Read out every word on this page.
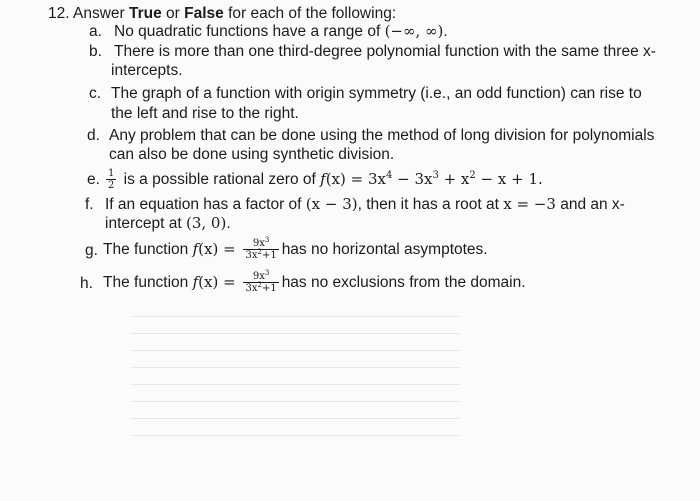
12. Answer True or False for each of the following:
a. No quadratic functions have a range of (−∞, ∞).
b. There is more than one third-degree polynomial function with the same three x-
intercepts.
c. The graph of a function with origin symmetry (i.e., an odd function) can rise to
the left and rise to the right.
d. Any problem that can be done using the method of long division for polynomials
can also be done using synthetic division.
e. $\frac{1}{2}$ is a possible rational zero of $f(x) = 3x^4 - 3x^3 + x^2 - x + 1$.
f. If an equation has a factor of (x − 3), then it has a root at x = −3 and an x-
intercept at (3, 0).
g. The function $f(x) = \frac{9x^3}{3x^2+1}$ has no horizontal asymptotes.
h. The function $f(x) = \frac{9x^3}{3x^2+1}$ has no exclusions from the domain.
